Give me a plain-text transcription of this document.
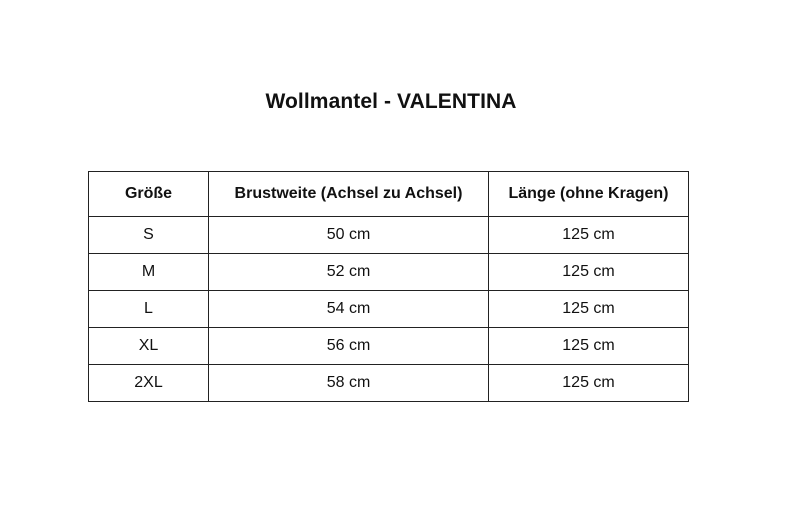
Wollmantel - VALENTINA
Größe	Brustweite (Achsel zu Achsel)	Länge (ohne Kragen)
S	50 cm	125 cm
M	52 cm	125 cm
L	54 cm	125 cm
XL	56 cm	125 cm
2XL	58 cm	125 cm
